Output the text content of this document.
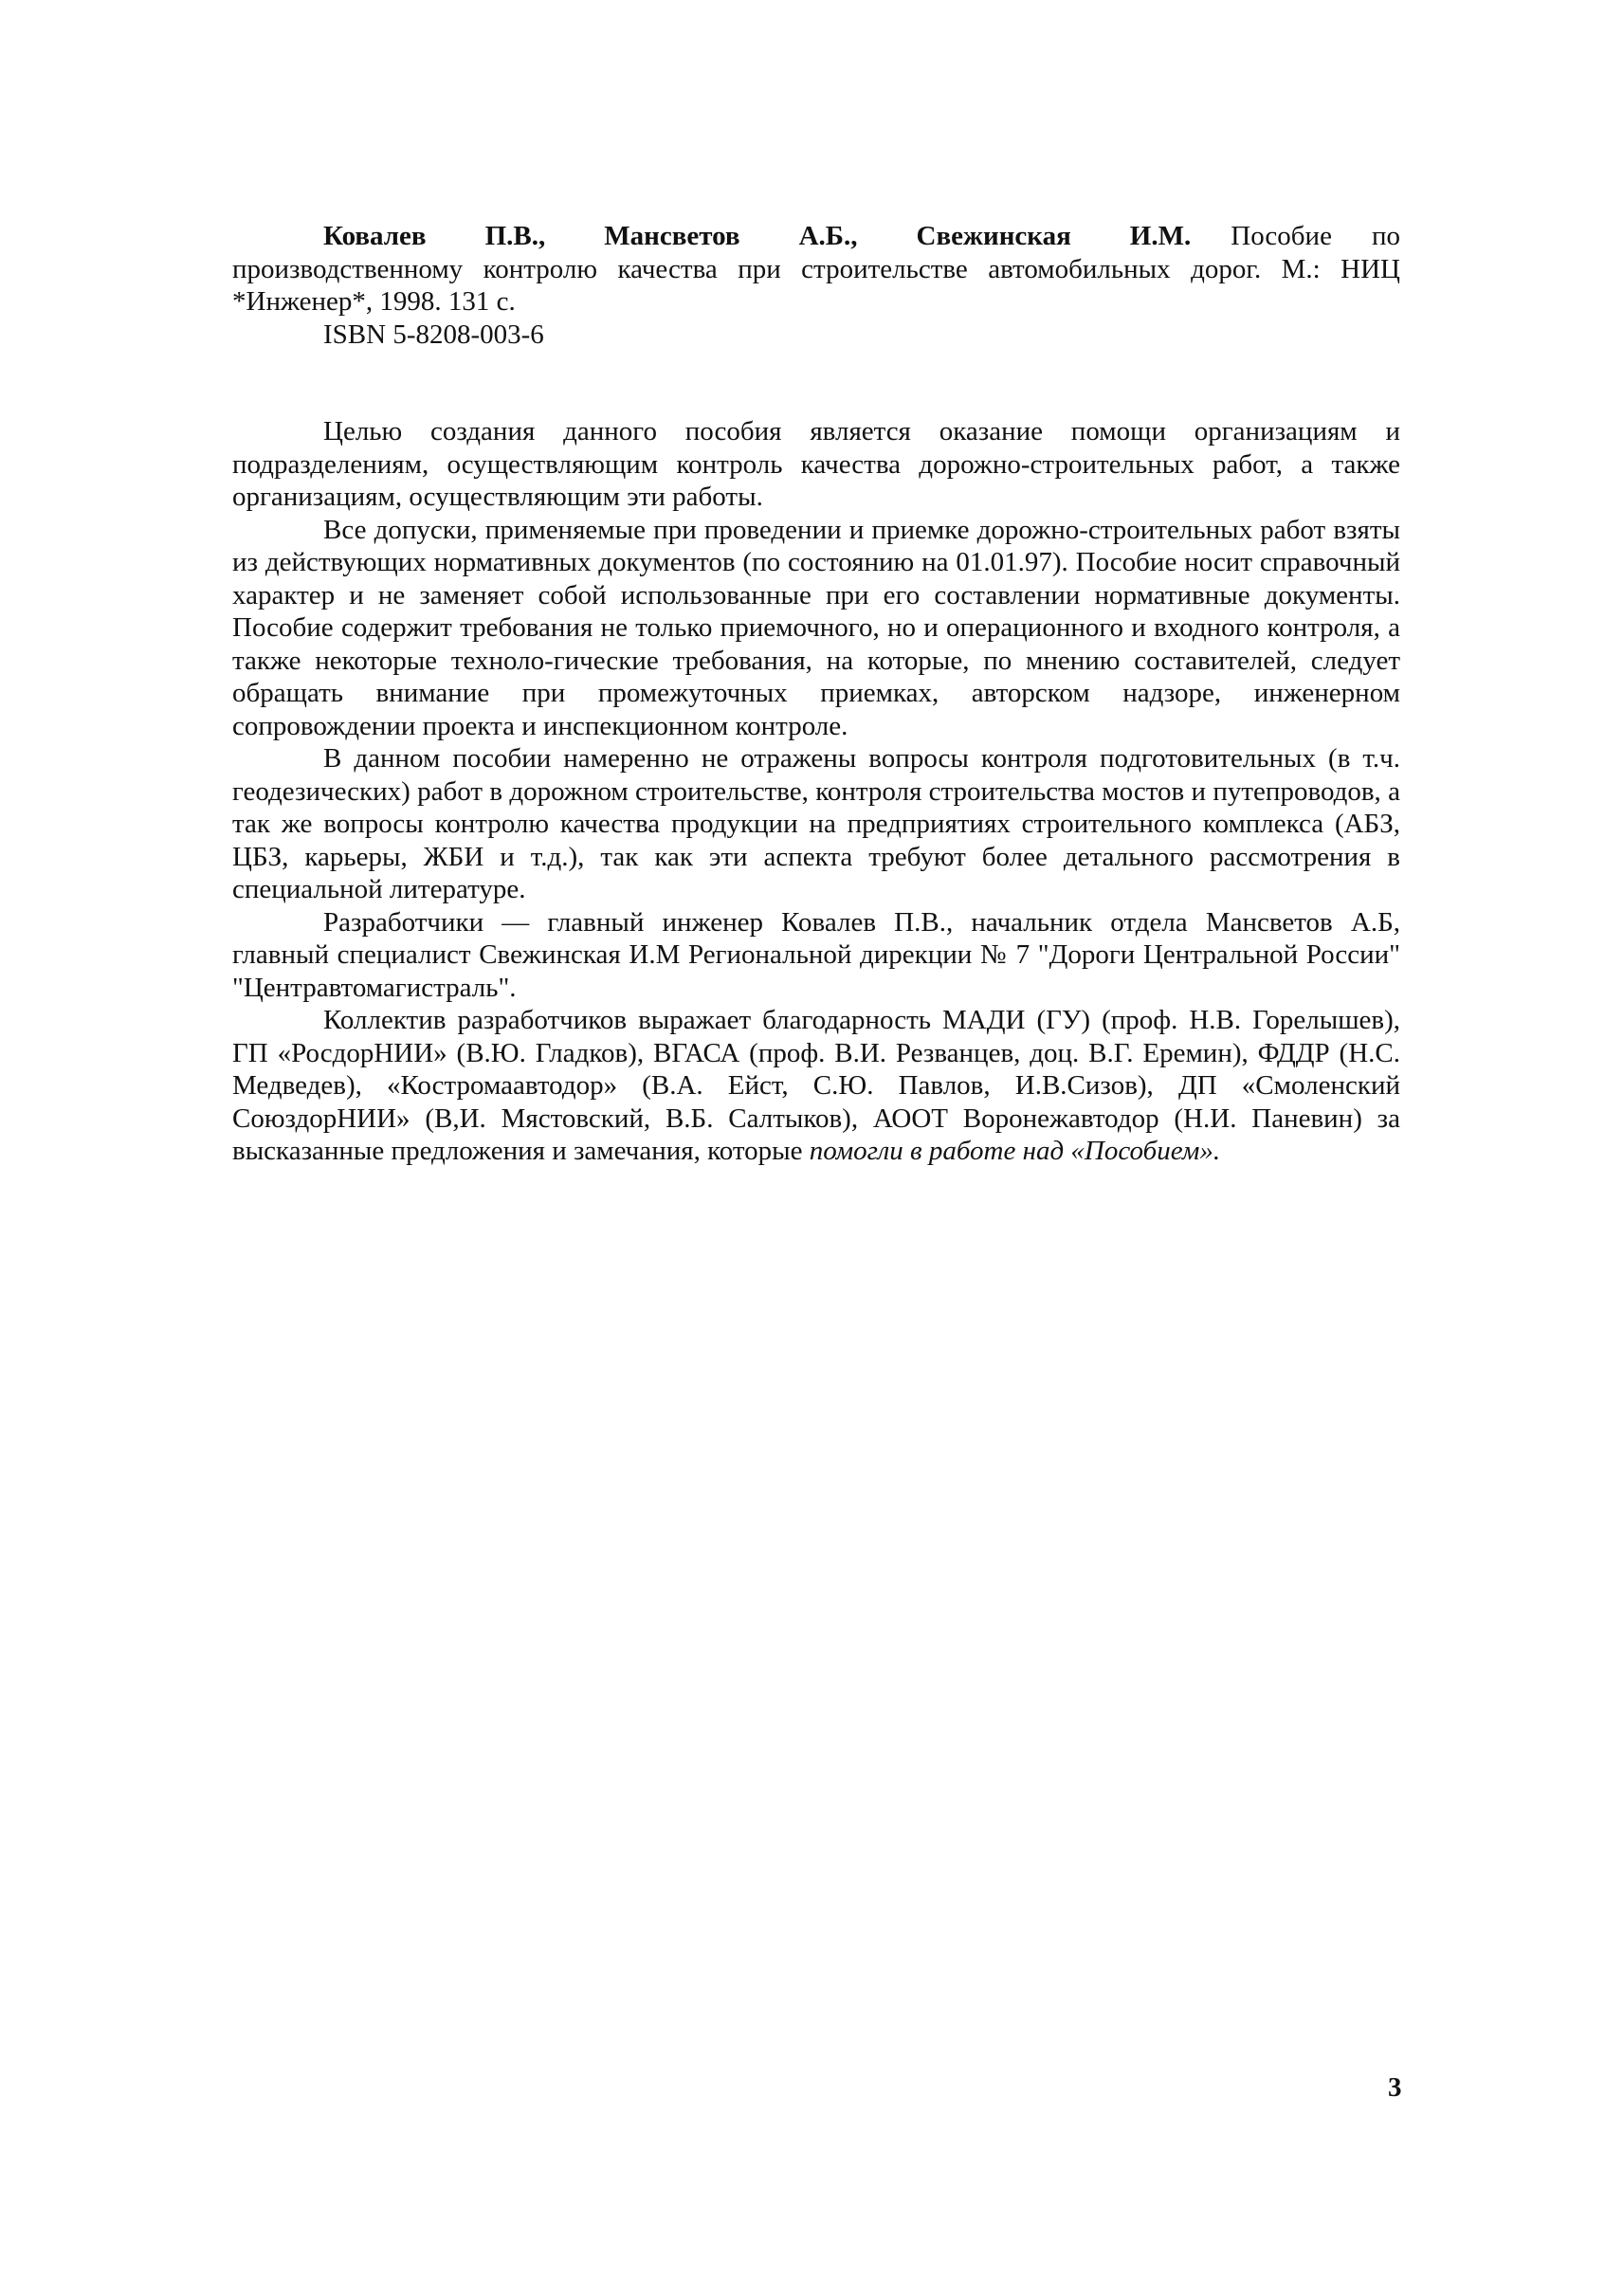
Ковалев П.В., Мансветов А.Б., Свежинская И.М. Пособие по производственному контролю качества при строительстве автомобильных дорог. М.: НИЦ *Инженер*, 1998. 131 с.

ISBN 5-8208-003-6

Целью создания данного пособия является оказание помощи организациям и подразделениям, осуществляющим контроль качества дорожно-строительных работ, а также организациям, осуществляющим эти работы.

Все допуски, применяемые при проведении и приемке дорожно-строительных работ взяты из действующих нормативных документов (по состоянию на 01.01.97). Пособие носит справочный характер и не заменяет собой использованные при его составлении нормативные документы. Пособие содержит требования не только приемочного, но и операционного и входного контроля, а также некоторые техноло-гические требования, на которые, по мнению составителей, следует обращать внимание при промежуточных приемках, авторском надзоре, инженерном сопровождении проекта и инспекционном контроле.

В данном пособии намеренно не отражены вопросы контроля подготовительных (в т.ч. геодезических) работ в дорожном строительстве, контроля строительства мостов и путепроводов, а так же вопросы контролю качества продукции на предприятиях строительного комплекса (АБЗ, ЦБЗ, карьеры, ЖБИ и т.д.), так как эти аспекта требуют более детального рассмотрения в специальной литературе.

Разработчики — главный инженер Ковалев П.В., начальник отдела Мансветов А.Б, главный специалист Свежинская И.М Региональной дирекции № 7 "Дороги Центральной России" "Центравтомагистраль".

Коллектив разработчиков выражает благодарность МАДИ (ГУ) (проф. Н.В. Горелышев), ГП «РосдорНИИ» (В.Ю. Гладков), ВГАСА (проф. В.И. Резванцев, доц. В.Г. Еремин), ФДДР (Н.С. Медведев), «Костромаавтодор» (В.А. Ейст, С.Ю. Павлов, И.В.Сизов), ДП «Смоленский СоюздорНИИ» (В,И. Мястовский, В.Б. Салтыков), АООТ Воронежавтодор (Н.И. Паневин) за высказанные предложения и замечания, которые помогли в работе над «Пособием».

3
